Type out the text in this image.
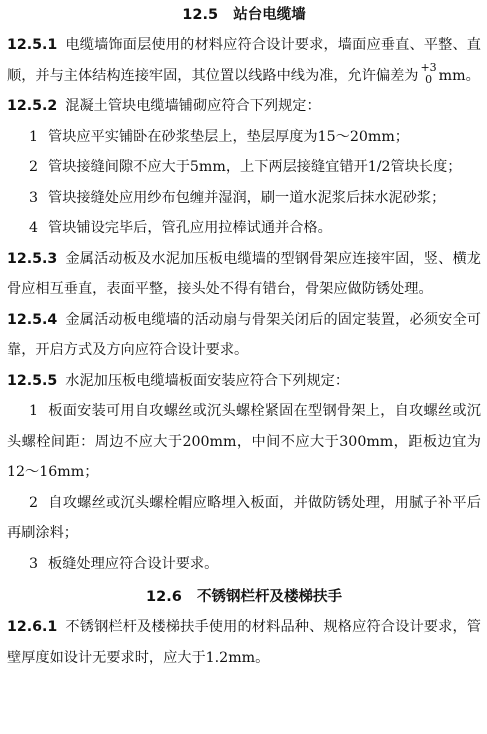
12.5 站台电缆墙
12.5.1 电缆墙饰面层使用的材料应符合设计要求，墙面应垂直、平整、直顺，并与主体结构连接牢固，其位置以线路中线为准，允许偏差为
+3
0 mm。
12.5.2 混凝土管块电缆墙铺砌应符合下列规定：
1 管块应平实铺卧在砂浆垫层上，垫层厚度为15～20mm；
2 管块接缝间隙不应大于5mm，上下两层接缝宜错开1/2管块长度；
3 管块接缝处应用纱布包缠并湿润，刷一道水泥浆后抹水泥砂浆；
4 管块铺设完毕后，管孔应用拉棒试通并合格。
12.5.3 金属活动板及水泥加压板电缆墙的型钢骨架应连接牢固，竖、横龙骨应相互垂直，表面平整，接头处不得有错台，骨架应做防锈处理。
12.5.4 金属活动板电缆墙的活动扇与骨架关闭后的固定装置，必须安全可靠，开启方式及方向应符合设计要求。
12.5.5 水泥加压板电缆墙板面安装应符合下列规定：
1 板面安装可用自攻螺丝或沉头螺栓紧固在型钢骨架上，自攻螺丝或沉头螺栓间距：周边不应大于200mm，中间不应大于300mm，距板边宜为12～16mm；
2 自攻螺丝或沉头螺栓帽应略埋入板面，并做防锈处理，用腻子补平后再刷涂料；
3 板缝处理应符合设计要求。
12.6 不锈钢栏杆及楼梯扶手
12.6.1 不锈钢栏杆及楼梯扶手使用的材料品种、规格应符合设计要求，管壁厚度如设计无要求时，应大于1.2mm。
